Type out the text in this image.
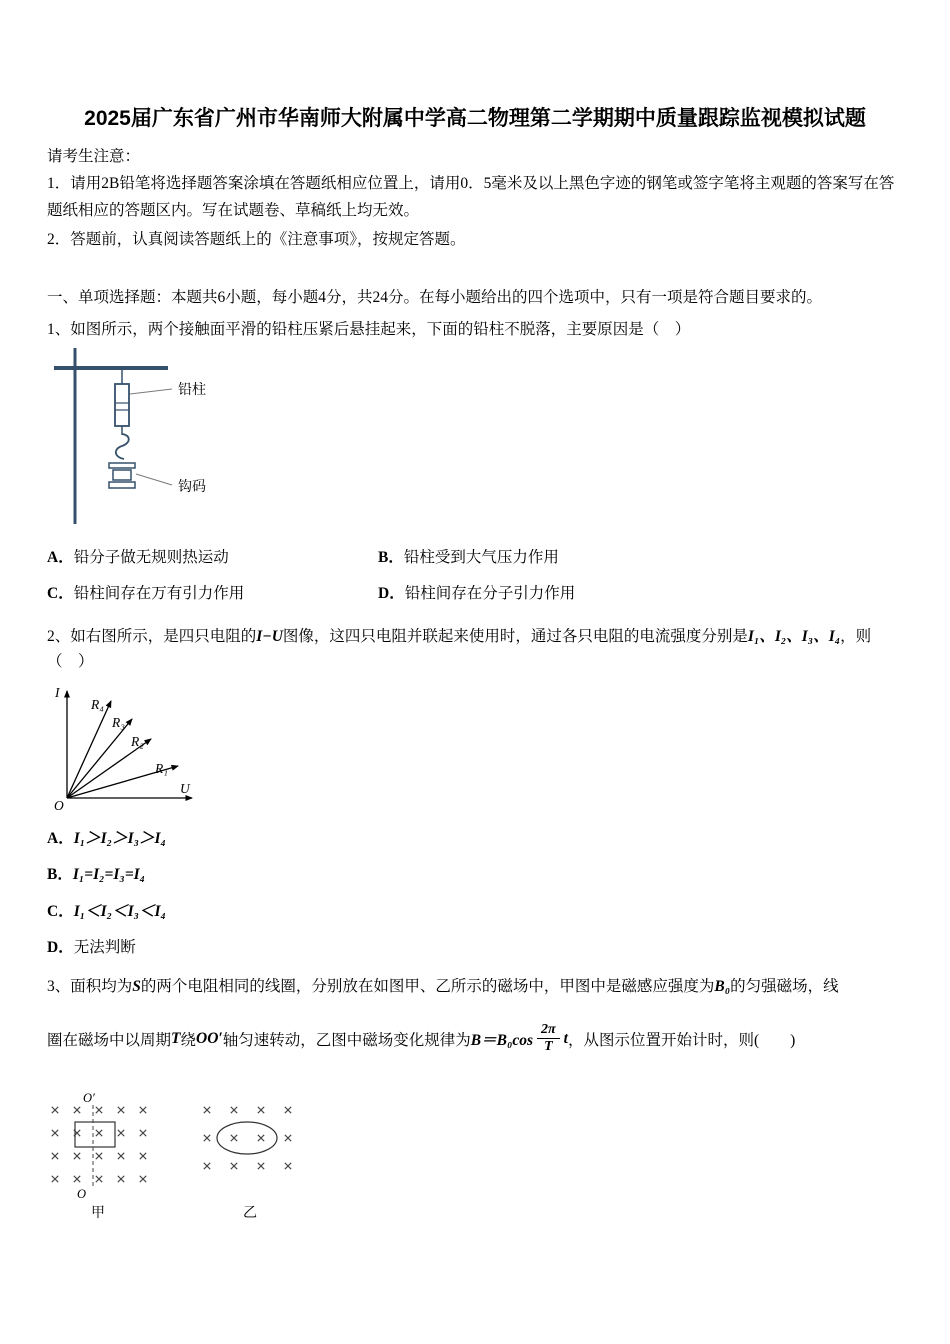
2025届广东省广州市华南师大附属中学高二物理第二学期期中质量跟踪监视模拟试题
请考生注意：
1．请用2B铅笔将选择题答案涂填在答题纸相应位置上，请用0．5毫米及以上黑色字迹的钢笔或签字笔将主观题的答案写在答题纸相应的答题区内。写在试题卷、草稿纸上均无效。
2．答题前，认真阅读答题纸上的《注意事项》，按规定答题。
一、单项选择题：本题共6小题，每小题4分，共24分。在每小题给出的四个选项中，只有一项是符合题目要求的。
1、如图所示，两个接触面平滑的铅柱压紧后悬挂起来，下面的铅柱不脱落，主要原因是（　）
铅柱
钩码
A．铅分子做无规则热运动	B．铅柱受到大气压力作用
C．铅柱间存在万有引力作用	D．铅柱间存在分子引力作用
2、如右图所示，是四只电阻的I−U图像，这四只电阻并联起来使用时，通过各只电阻的电流强度分别是I₁、I₂、I₃、I₄，则（　）
I
U
O
R₄
R₃
R₂
R₁
A．I₁＞I₂＞I₃＞I₄
B．I₁=I₂=I₃=I₄
C．I₁＜I₂＜I₃＜I₄
D．无法判断
3、面积均为S的两个电阻相同的线圈，分别放在如图甲、乙所示的磁场中，甲图中是磁感应强度为B₀的匀强磁场，线
圈在磁场中以周期 T 绕 OO′ 轴匀速转动，乙图中磁场变化规律为 $B=B_0\cos \frac{2\pi}{T}$ t ，从图示位置开始计时，则(　　)
O′
O
甲	乙
